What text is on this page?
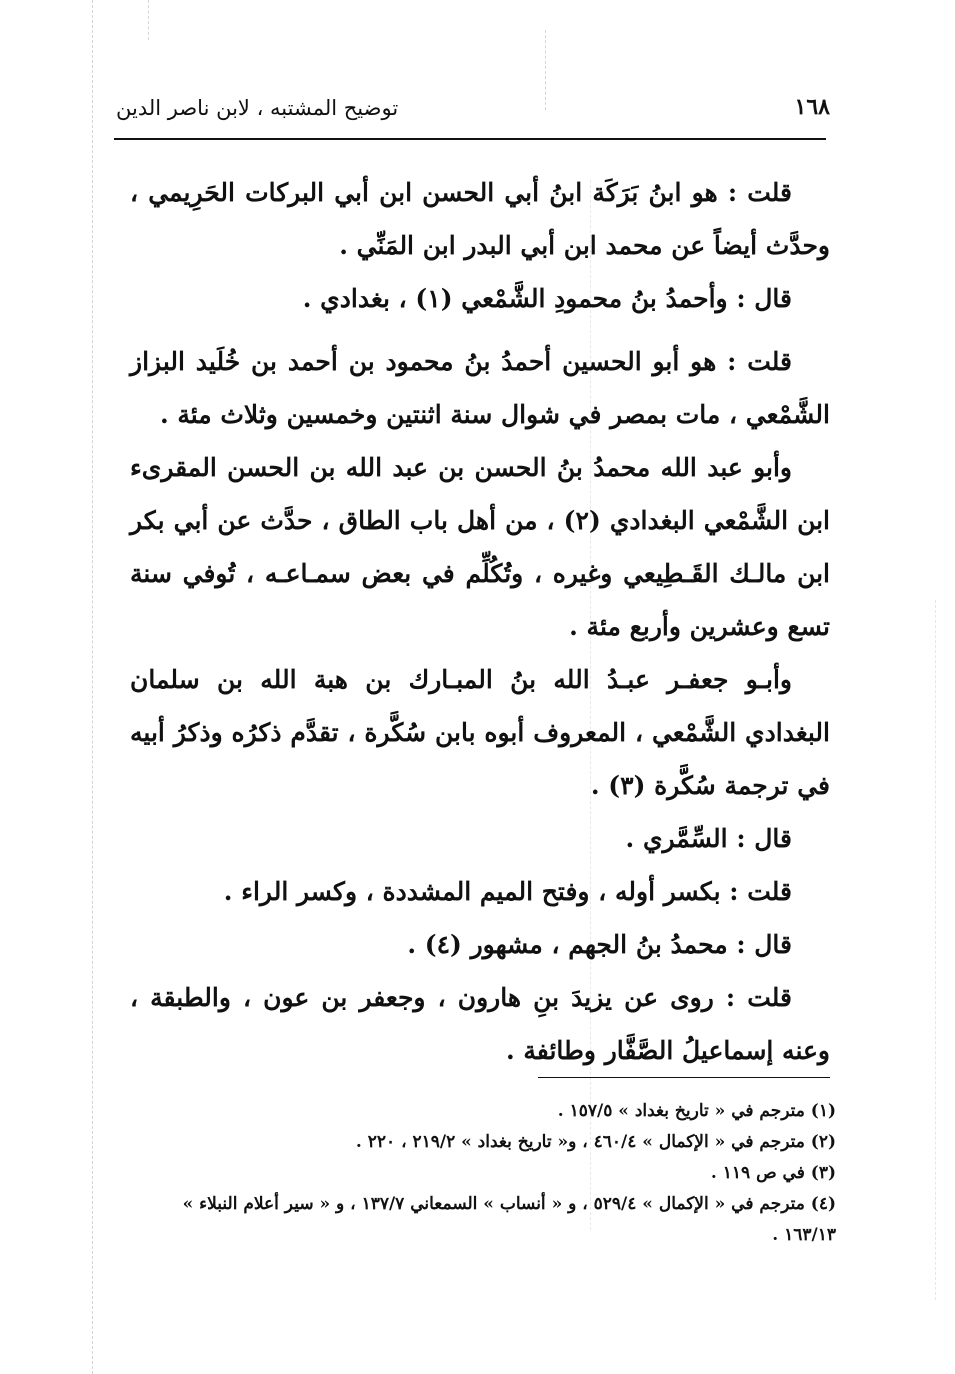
توضيح المشتبه ، لابن ناصر الدين	١٦٨

قلت : هو ابنُ بَرَكَة ابنُ أبي الحسن ابن أبي البركات الحَرِيمي ، وحدَّث أيضاً عن محمد ابن أبي البدر ابن المَنِّي .

قال : وأحمدُ بنُ محمودِ الشَّمْعي (١) ، بغدادي .

قلت : هو أبو الحسين أحمدُ بنُ محمود بن أحمد بن خُلَيد البزاز الشَّمْعي ، مات بمصر في شوال سنة اثنتين وخمسين وثلاث مئة .

وأبو عبد الله محمدُ بنُ الحسن بن عبد الله بن الحسن المقرىء ابن الشَّمْعي البغدادي (٢) ، من أهل باب الطاق ، حدَّث عن أبي بكر ابن مالـك القَـطِيعي وغيره ، وتُكُلِّم في بعض سمـاعـه ، تُوفي سنة تسع وعشرين وأربع مئة .

وأبـو جعفـر عبـدُ الله بنُ المبـارك بن هبة الله بن سلمان البغدادي الشَّمْعي ، المعروف أبوه بابن سُكَّرة ، تقدَّم ذكرُه وذكرُ أبيه في ترجمة سُكَّرة (٣) .

قال : السِّمَّري .

قلت : بكسر أوله ، وفتح الميم المشددة ، وكسر الراء .

قال : محمدُ بنُ الجهم ، مشهور (٤) .

قلت : روى عن يزيدَ بنِ هارون ، وجعفر بن عون ، والطبقة ، وعنه إسماعيلُ الصَّفَّار وطائفة .

(١) مترجم في « تاريخ بغداد » ١٥٧/٥ .

(٢) مترجم في « الإكمال » ٤٦٠/٤ ، و« تاريخ بغداد » ٢١٩/٢ ، ٢٢٠ .

(٣) في ص ١١٩ .

(٤) مترجم في « الإكمال » ٥٢٩/٤ ، و « أنساب » السمعاني ١٣٧/٧ ، و « سير أعلام النبلاء » ١٦٣/١٣ .
